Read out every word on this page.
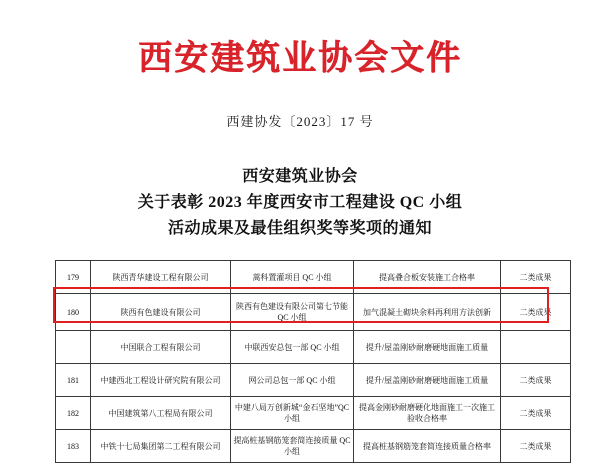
西安建筑业协会文件
西建协发〔2023〕17 号
西安建筑业协会
关于表彰 2023 年度西安市工程建设 QC 小组
活动成果及最佳组织奖等奖项的通知
179	陕西青华建设工程有限公司	蒿科置灌项目 QC 小组	提高叠合板安装施工合格率	二类成果
180	陕西有色建设有限公司	陕西有色建设有限公司第七节能 QC 小组	加气混凝土砌块余料再利用方法创新	二类成果
	中国联合工程有限公司	中联西安总包一部 QC 小组	提升/屋盖刚砂耐磨硬地面施工质量	
181	中建西北工程设计研究院有限公司	网公司总包一部 QC 小组	提升/屋盖刚砂耐磨硬地面施工质量	二类成果
182	中国建筑第八工程局有限公司	中建八局万创新城“金石坚地”QC 小组	提高金刚砂耐磨硬化地面施工一次施工验收合格率	二类成果
183	中铁十七局集团第二工程有限公司	提高桩基钢筋笼套简连接质量 QC 小组	提高桩基钢筋笼套简连接质量合格率	二类成果
